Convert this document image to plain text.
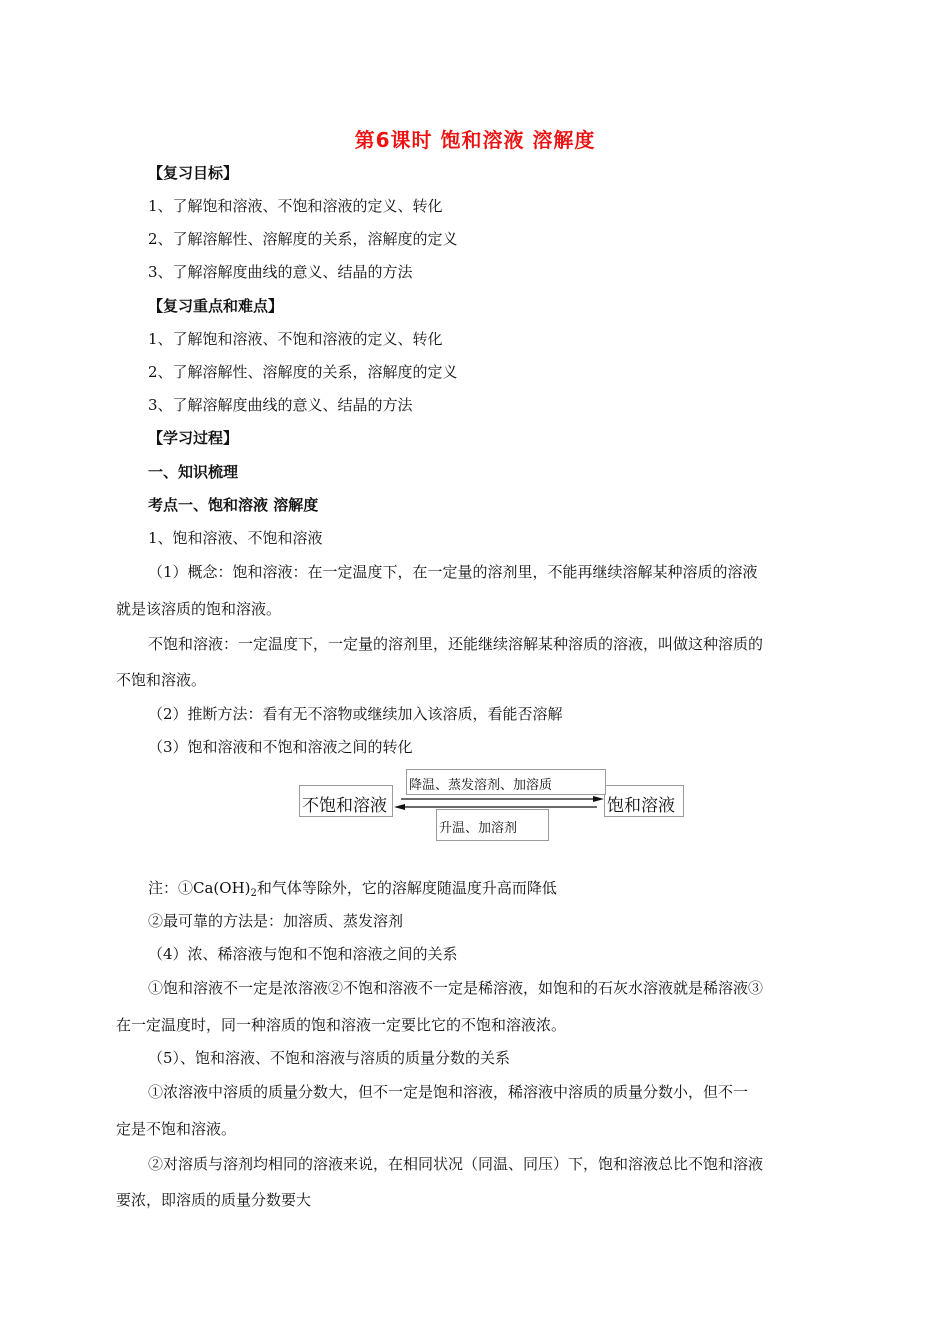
第6课时 饱和溶液 溶解度
【复习目标】
1、了解饱和溶液、不饱和溶液的定义、转化
2、了解溶解性、溶解度的关系，溶解度的定义
3、了解溶解度曲线的意义、结晶的方法
【复习重点和难点】
1、了解饱和溶液、不饱和溶液的定义、转化
2、了解溶解性、溶解度的关系，溶解度的定义
3、了解溶解度曲线的意义、结晶的方法
【学习过程】
一、知识梳理
考点一、饱和溶液 溶解度
1、饱和溶液、不饱和溶液
（1）概念：饱和溶液：在一定温度下，在一定量的溶剂里，不能再继续溶解某种溶质的溶液
就是该溶质的饱和溶液。
不饱和溶液：一定温度下，一定量的溶剂里，还能继续溶解某种溶质的溶液，叫做这种溶质的
不饱和溶液。
（2）推断方法：看有无不溶物或继续加入该溶质，看能否溶解
（3）饱和溶液和不饱和溶液之间的转化
不饱和溶液	饱和溶液
降温、蒸发溶剂、加溶质
升温、加溶剂
注：$①Ca(OH)_2$和气体等除外，它的溶解度随温度升高而降低
②最可靠的方法是：加溶质、蒸发溶剂
（4）浓、稀溶液与饱和不饱和溶液之间的关系
①饱和溶液不一定是浓溶液②不饱和溶液不一定是稀溶液，如饱和的石灰水溶液就是稀溶液③
在一定温度时，同一种溶质的饱和溶液一定要比它的不饱和溶液浓。
（5）、饱和溶液、不饱和溶液与溶质的质量分数的关系
①浓溶液中溶质的质量分数大，但不一定是饱和溶液，稀溶液中溶质的质量分数小，但不一
定是不饱和溶液。
②对溶质与溶剂均相同的溶液来说，在相同状况（同温、同压）下，饱和溶液总比不饱和溶液
要浓，即溶质的质量分数要大
